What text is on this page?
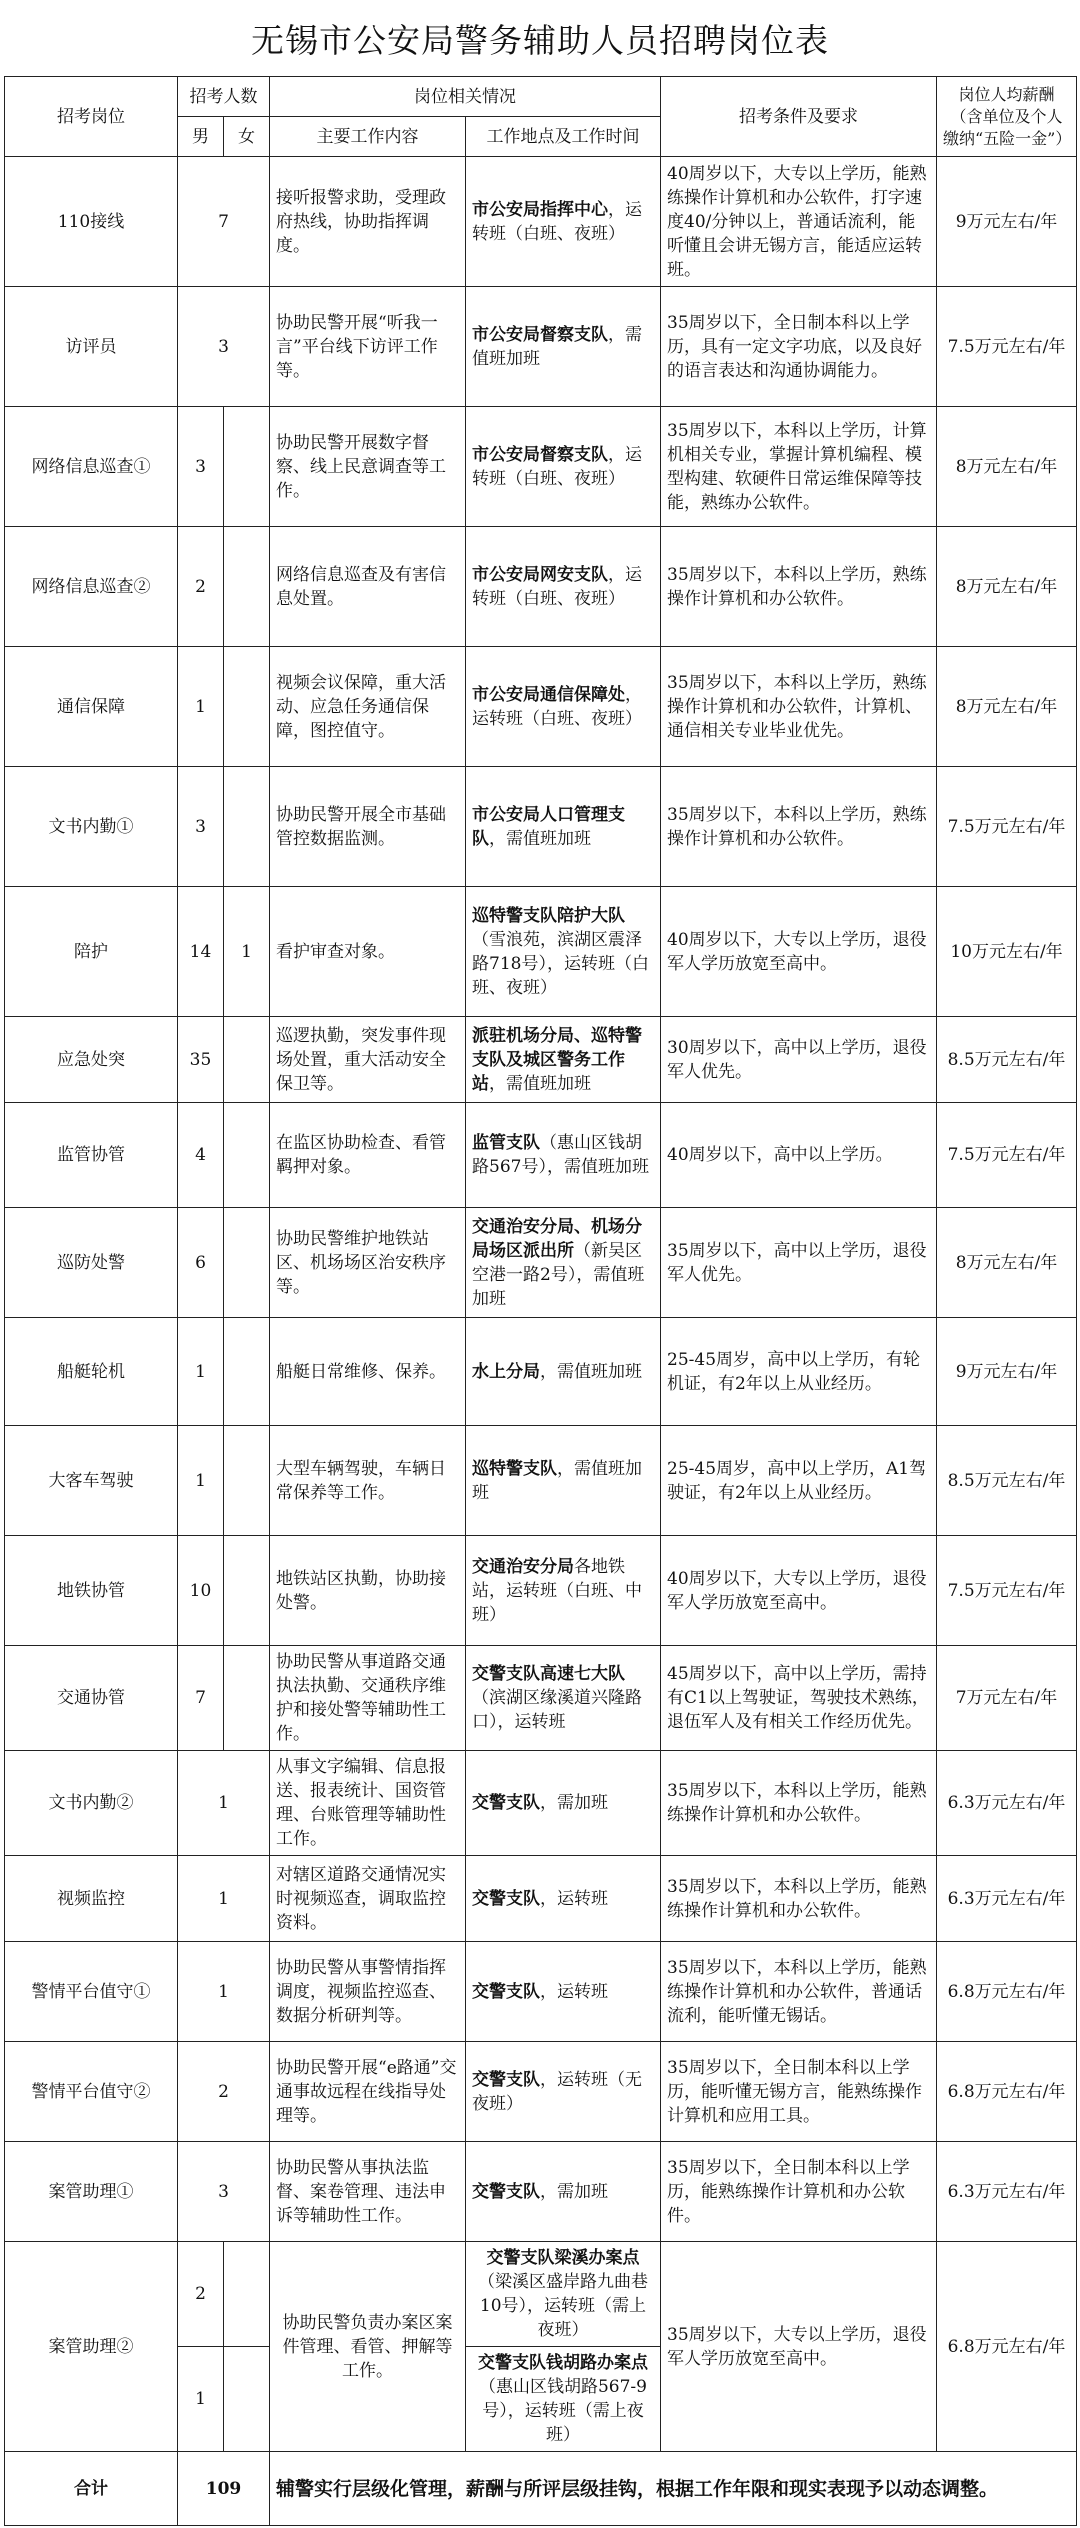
无锡市公安局警务辅助人员招聘岗位表
招考岗位	招考人数		岗位相关情况		招考条件及要求	岗位人均薪酬（含单位及个人缴纳“五险一金”）
	男	女	主要工作内容	工作地点及工作时间		
110接线	7		接听报警求助，受理政府热线，协助指挥调度。	市公安局指挥中心，运转班（白班、夜班）	40周岁以下，大专以上学历，能熟练操作计算机和办公软件，打字速度40/分钟以上，普通话流利，能听懂且会讲无锡方言，能适应运转班。	9万元左右/年
访评员	3		协助民警开展“听我一言”平台线下访评工作等。	市公安局督察支队，需值班加班	35周岁以下，全日制本科以上学历，具有一定文字功底，以及良好的语言表达和沟通协调能力。	7.5万元左右/年
网络信息巡查①	3		协助民警开展数字督察、线上民意调查等工作。	市公安局督察支队，运转班（白班、夜班）	35周岁以下，本科以上学历，计算机相关专业，掌握计算机编程、模型构建、软硬件日常运维保障等技能，熟练办公软件。	8万元左右/年
网络信息巡查②	2		网络信息巡查及有害信息处置。	市公安局网安支队，运转班（白班、夜班）	35周岁以下，本科以上学历，熟练操作计算机和办公软件。	8万元左右/年
通信保障	1		视频会议保障，重大活动、应急任务通信保障，图控值守。	市公安局通信保障处，运转班（白班、夜班）	35周岁以下，本科以上学历，熟练操作计算机和办公软件，计算机、通信相关专业毕业优先。	8万元左右/年
文书内勤①	3		协助民警开展全市基础管控数据监测。	市公安局人口管理支队，需值班加班	35周岁以下，本科以上学历，熟练操作计算机和办公软件。	7.5万元左右/年
陪护	14	1	看护审查对象。	巡特警支队陪护大队（雪浪苑，滨湖区震泽路718号），运转班（白班、夜班）	40周岁以下，大专以上学历，退役军人学历放宽至高中。	10万元左右/年
应急处突	35		巡逻执勤，突发事件现场处置，重大活动安全保卫等。	派驻机场分局、巡特警支队及城区警务工作站，需值班加班	30周岁以下，高中以上学历，退役军人优先。	8.5万元左右/年
监管协管	4		在监区协助检查、看管羁押对象。	监管支队（惠山区钱胡路567号），需值班加班	40周岁以下，高中以上学历。	7.5万元左右/年
巡防处警	6		协助民警维护地铁站区、机场场区治安秩序等。	交通治安分局、机场分局场区派出所（新吴区空港一路2号），需值班加班	35周岁以下，高中以上学历，退役军人优先。	8万元左右/年
船艇轮机	1		船艇日常维修、保养。	水上分局，需值班加班	25-45周岁，高中以上学历，有轮机证，有2年以上从业经历。	9万元左右/年
大客车驾驶	1		大型车辆驾驶，车辆日常保养等工作。	巡特警支队，需值班加班	25-45周岁，高中以上学历，A1驾驶证，有2年以上从业经历。	8.5万元左右/年
地铁协管	10		地铁站区执勤，协助接处警。	交通治安分局各地铁站，运转班（白班、中班）	40周岁以下，大专以上学历，退役军人学历放宽至高中。	7.5万元左右/年
交通协管	7		协助民警从事道路交通执法执勤、交通秩序维护和接处警等辅助性工作。	交警支队高速七大队（滨湖区缘溪道兴隆路口），运转班	45周岁以下，高中以上学历，需持有C1以上驾驶证，驾驶技术熟练，退伍军人及有相关工作经历优先。	7万元左右/年
文书内勤②	1		从事文字编辑、信息报送、报表统计、国资管理、台账管理等辅助性工作。	交警支队，需加班	35周岁以下，本科以上学历，能熟练操作计算机和办公软件。	6.3万元左右/年
视频监控	1		对辖区道路交通情况实时视频巡查，调取监控资料。	交警支队，运转班	35周岁以下，本科以上学历，能熟练操作计算机和办公软件。	6.3万元左右/年
警情平台值守①	1		协助民警从事警情指挥调度，视频监控巡查、数据分析研判等。	交警支队，运转班	35周岁以下，本科以上学历，能熟练操作计算机和办公软件，普通话流利，能听懂无锡话。	6.8万元左右/年
警情平台值守②	2		协助民警开展“e路通”交通事故远程在线指导处理等。	交警支队，运转班（无夜班）	35周岁以下，全日制本科以上学历，能听懂无锡方言，能熟练操作计算机和应用工具。	6.8万元左右/年
案管助理①	3		协助民警从事执法监督、案卷管理、违法申诉等辅助性工作。	交警支队，需加班	35周岁以下，全日制本科以上学历，能熟练操作计算机和办公软件。	6.3万元左右/年
案管助理②	2		协助民警负责办案区案件管理、看管、押解等工作。	交警支队梁溪办案点（梁溪区盛岸路九曲巷10号），运转班（需上夜班）	35周岁以下，大专以上学历，退役军人学历放宽至高中。	6.8万元左右/年
	1			交警支队钱胡路办案点（惠山区钱胡路567-9号），运转班（需上夜班）		
合计	109		辅警实行层级化管理，薪酬与所评层级挂钩，根据工作年限和现实表现予以动态调整。			
